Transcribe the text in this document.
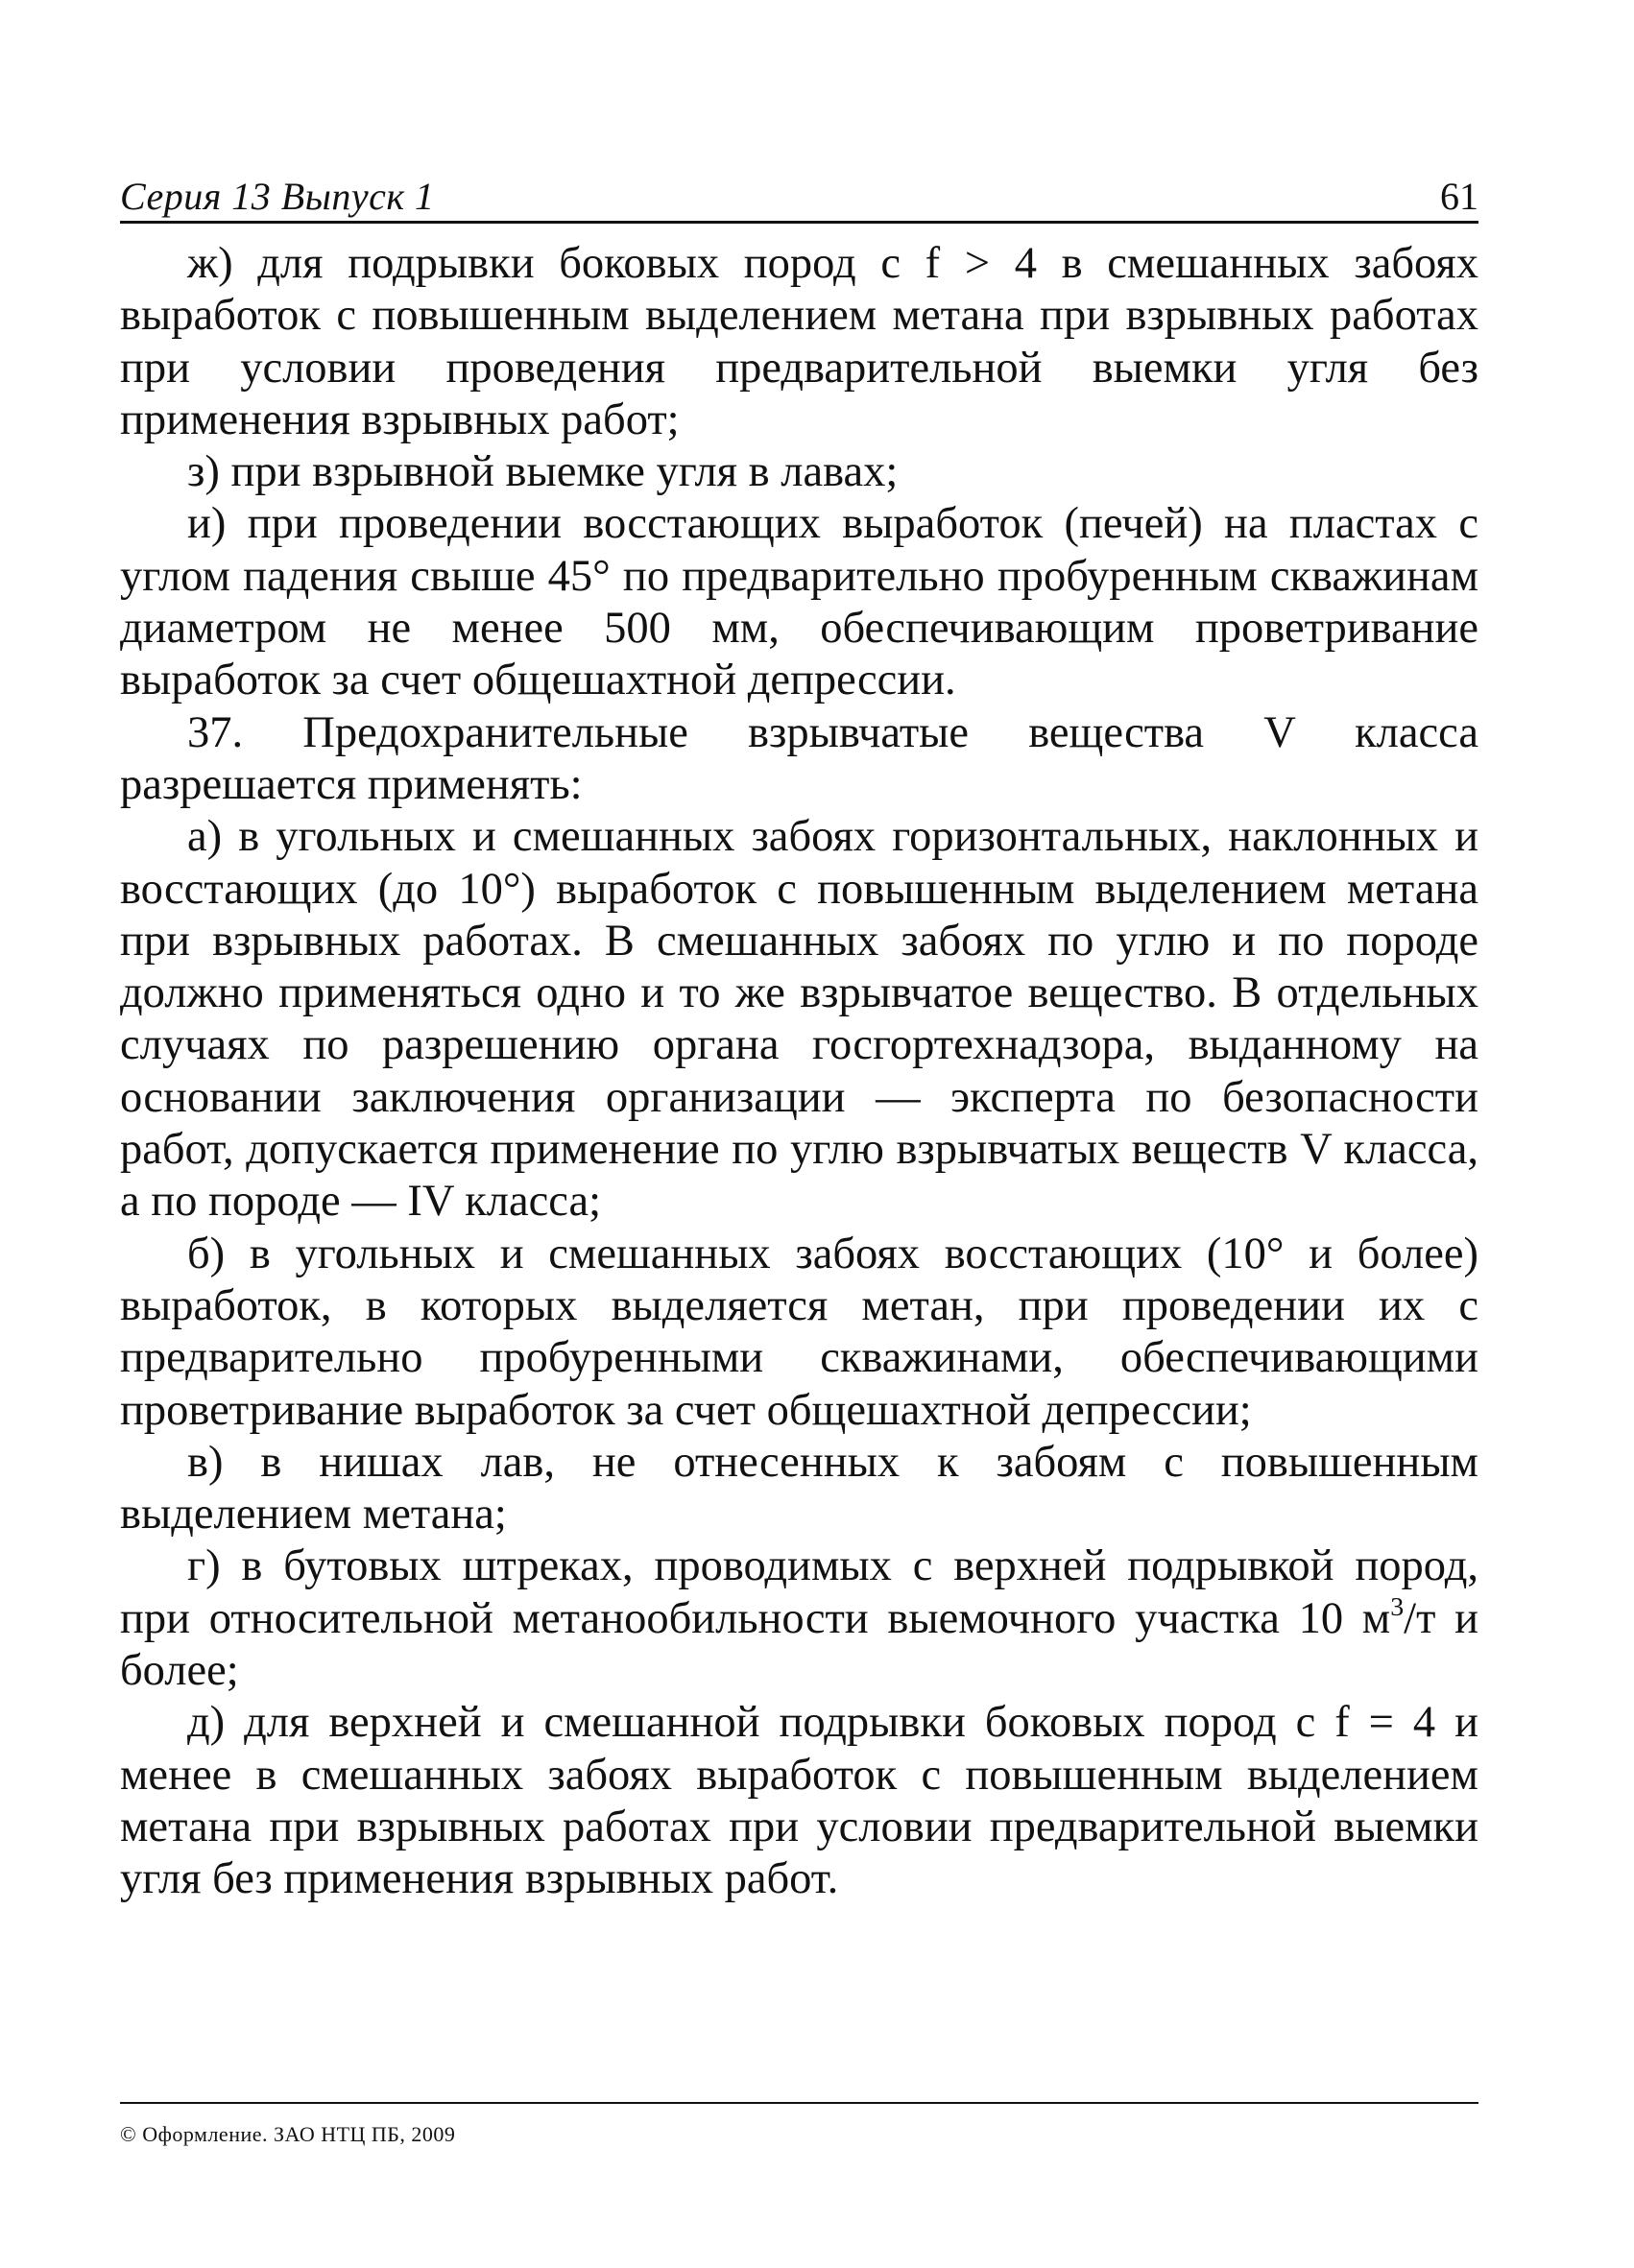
Серия 13 Выпуск 1	61

ж) для подрывки боковых пород с f > 4 в смешанных забоях выработок с повышенным выделением метана при взрывных работах при условии проведения предварительной выемки угля без применения взрывных работ;

з) при взрывной выемке угля в лавах;

и) при проведении восстающих выработок (печей) на пластах с углом падения свыше 45° по предварительно пробуренным скважинам диаметром не менее 500 мм, обеспечивающим проветривание выработок за счет общешахтной депрессии.

37. Предохранительные взрывчатые вещества V класса разрешается применять:

а) в угольных и смешанных забоях горизонтальных, наклонных и восстающих (до 10°) выработок с повышенным выделением метана при взрывных работах. В смешанных забоях по углю и по породе должно применяться одно и то же взрывчатое вещество. В отдельных случаях по разрешению органа госгортехнадзора, выданному на основании заключения организации — эксперта по безопасности работ, допускается применение по углю взрывчатых веществ V класса, а по породе — IV класса;

б) в угольных и смешанных забоях восстающих (10° и более) выработок, в которых выделяется метан, при проведении их с предварительно пробуренными скважинами, обеспечивающими проветривание выработок за счет общешахтной депрессии;

в) в нишах лав, не отнесенных к забоям с повышенным выделением метана;

г) в бутовых штреках, проводимых с верхней подрывкой пород, при относительной метанообильности выемочного участка 10 $м^3/т$ и более;

д) для верхней и смешанной подрывки боковых пород с f = 4 и менее в смешанных забоях выработок с повышенным выделением метана при взрывных работах при условии предварительной выемки угля без применения взрывных работ.

© Оформление. ЗАО НТЦ ПБ, 2009
